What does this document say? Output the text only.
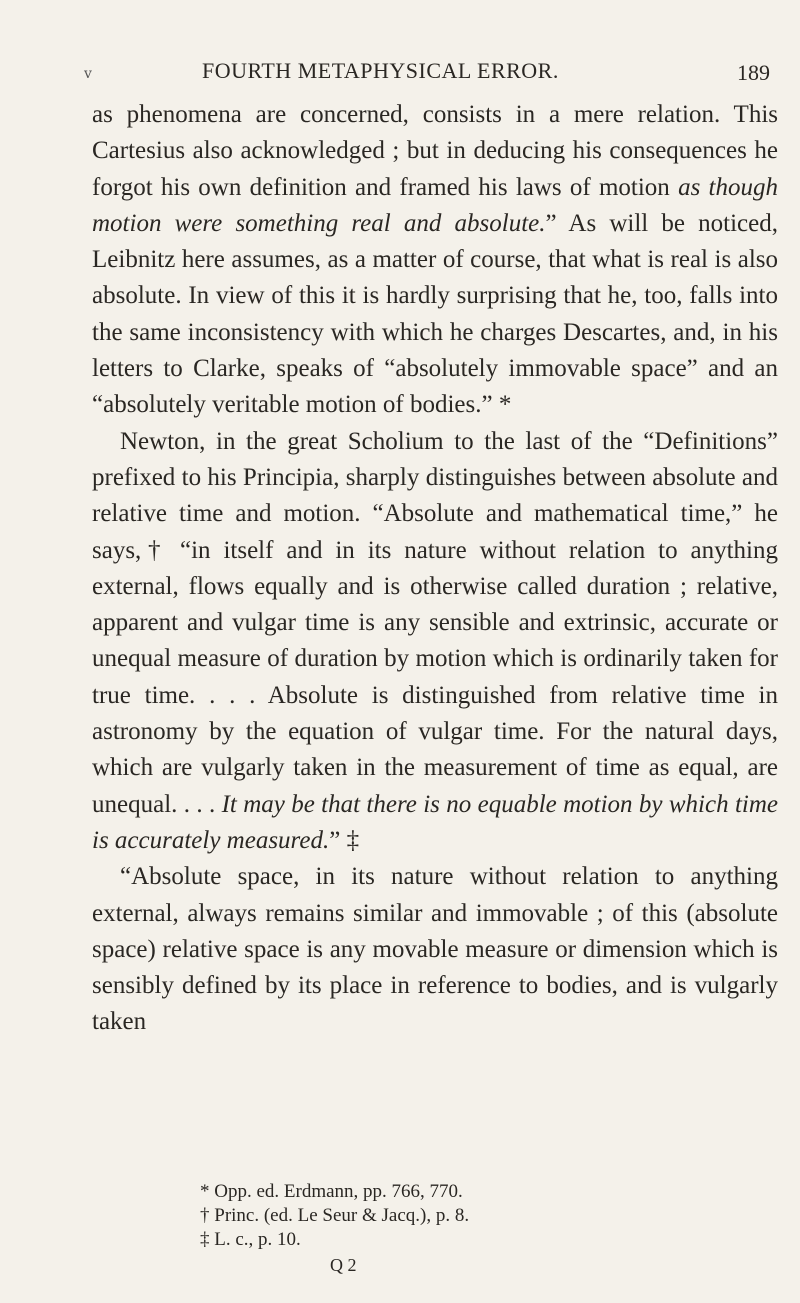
v	FOURTH METAPHYSICAL ERROR.	189

as phenomena are concerned, consists in a mere relation. This Cartesius also acknowledged ; but in deducing his consequences he forgot his own definition and framed his laws of motion as though motion were something real and absolute.” As will be noticed, Leibnitz here assumes, as a matter of course, that what is real is also absolute. In view of this it is hardly surprising that he, too, falls into the same inconsistency with which he charges Descartes, and, in his letters to Clarke, speaks of “absolutely immovable space” and an “absolutely veritable motion of bodies.” *

Newton, in the great Scholium to the last of the “Definitions” prefixed to his Principia, sharply distinguishes between absolute and relative time and motion. “Absolute and mathematical time,” he says,† “in itself and in its nature without relation to anything external, flows equally and is otherwise called duration ; relative, apparent and vulgar time is any sensible and extrinsic, accurate or unequal measure of duration by motion which is ordinarily taken for true time. . . . Absolute is distinguished from relative time in astronomy by the equation of vulgar time. For the natural days, which are vulgarly taken in the measurement of time as equal, are unequal. . . . It may be that there is no equable motion by which time is accurately measured.” ‡

“Absolute space, in its nature without relation to anything external, always remains similar and immovable ; of this (absolute space) relative space is any movable measure or dimension which is sensibly defined by its place in reference to bodies, and is vulgarly taken

* Opp. ed. Erdmann, pp. 766, 770.

† Princ. (ed. Le Seur & Jacq.), p. 8.

‡ L. c., p. 10.

Q 2
